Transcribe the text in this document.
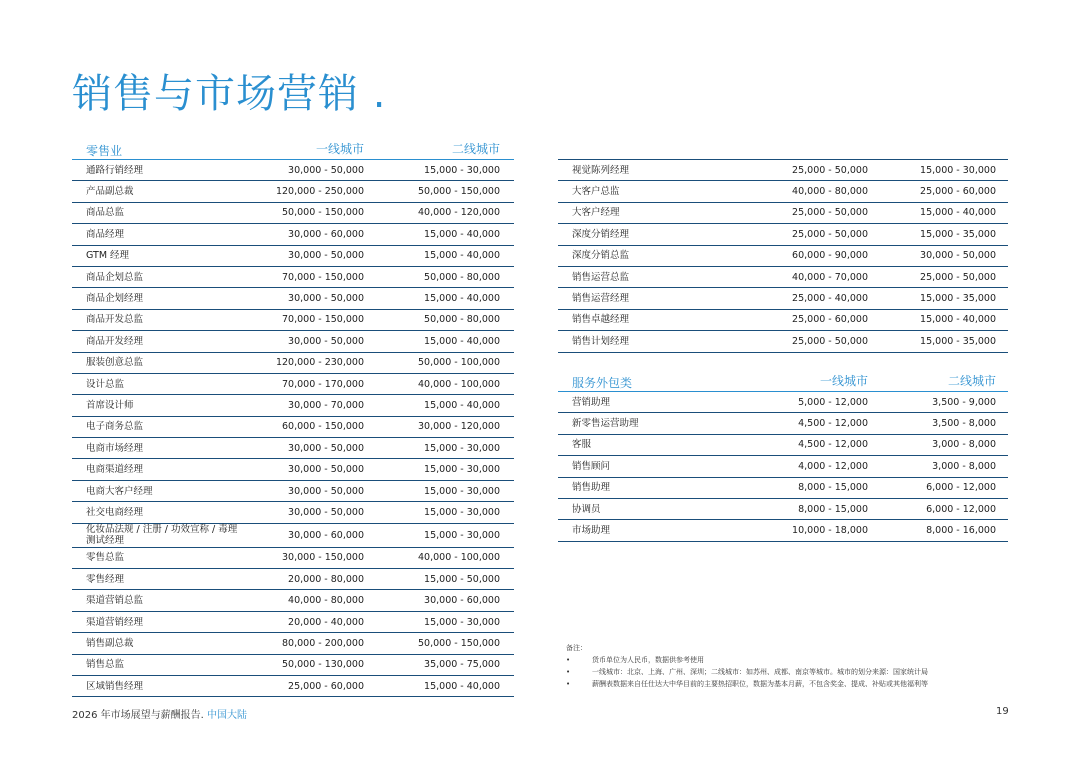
销售与市场营销 .
零售业	一线城市	二线城市
通路行销经理	30,000 - 50,000	15,000 - 30,000
产品副总裁	120,000 - 250,000	50,000 - 150,000
商品总监	50,000 - 150,000	40,000 - 120,000
商品经理	30,000 - 60,000	15,000 - 40,000
GTM 经理	30,000 - 50,000	15,000 - 40,000
商品企划总监	70,000 - 150,000	50,000 - 80,000
商品企划经理	30,000 - 50,000	15,000 - 40,000
商品开发总监	70,000 - 150,000	50,000 - 80,000
商品开发经理	30,000 - 50,000	15,000 - 40,000
服装创意总监	120,000 - 230,000	50,000 - 100,000
设计总监	70,000 - 170,000	40,000 - 100,000
首席设计师	30,000 - 70,000	15,000 - 40,000
电子商务总监	60,000 - 150,000	30,000 - 120,000
电商市场经理	30,000 - 50,000	15,000 - 30,000
电商渠道经理	30,000 - 50,000	15,000 - 30,000
电商大客户经理	30,000 - 50,000	15,000 - 30,000
社交电商经理	30,000 - 50,000	15,000 - 30,000
化妆品法规 / 注册 / 功效宣称 / 毒理测试经理	30,000 - 60,000	15,000 - 30,000
零售总监	30,000 - 150,000	40,000 - 100,000
零售经理	20,000 - 80,000	15,000 - 50,000
渠道营销总监	40,000 - 80,000	30,000 - 60,000
渠道营销经理	20,000 - 40,000	15,000 - 30,000
销售副总裁	80,000 - 200,000	50,000 - 150,000
销售总监	50,000 - 130,000	35,000 - 75,000
区域销售经理	25,000 - 60,000	15,000 - 40,000
视觉陈列经理	25,000 - 50,000	15,000 - 30,000
大客户总监	40,000 - 80,000	25,000 - 60,000
大客户经理	25,000 - 50,000	15,000 - 40,000
深度分销经理	25,000 - 50,000	15,000 - 35,000
深度分销总监	60,000 - 90,000	30,000 - 50,000
销售运营总监	40,000 - 70,000	25,000 - 50,000
销售运营经理	25,000 - 40,000	15,000 - 35,000
销售卓越经理	25,000 - 60,000	15,000 - 40,000
销售计划经理	25,000 - 50,000	15,000 - 35,000
服务外包类	一线城市	二线城市
营销助理	5,000 - 12,000	3,500 - 9,000
新零售运营助理	4,500 - 12,000	3,500 - 8,000
客服	4,500 - 12,000	3,000 - 8,000
销售顾问	4,000 - 12,000	3,000 - 8,000
销售助理	8,000 - 15,000	6,000 - 12,000
协调员	8,000 - 15,000	6,000 - 12,000
市场助理	10,000 - 18,000	8,000 - 16,000
备注：
•	货币单位为人民币，数据供参考使用
•	一线城市：北京、上海、广州、深圳；二线城市：如苏州、成都、南京等城市。城市的划分来源：国家统计局
•	薪酬表数据来自任仕达大中华目前的主要热招职位，数据为基本月薪，不包含奖金、提成、补贴或其他福利等
2026 年市场展望与薪酬报告. 中国大陆	19
